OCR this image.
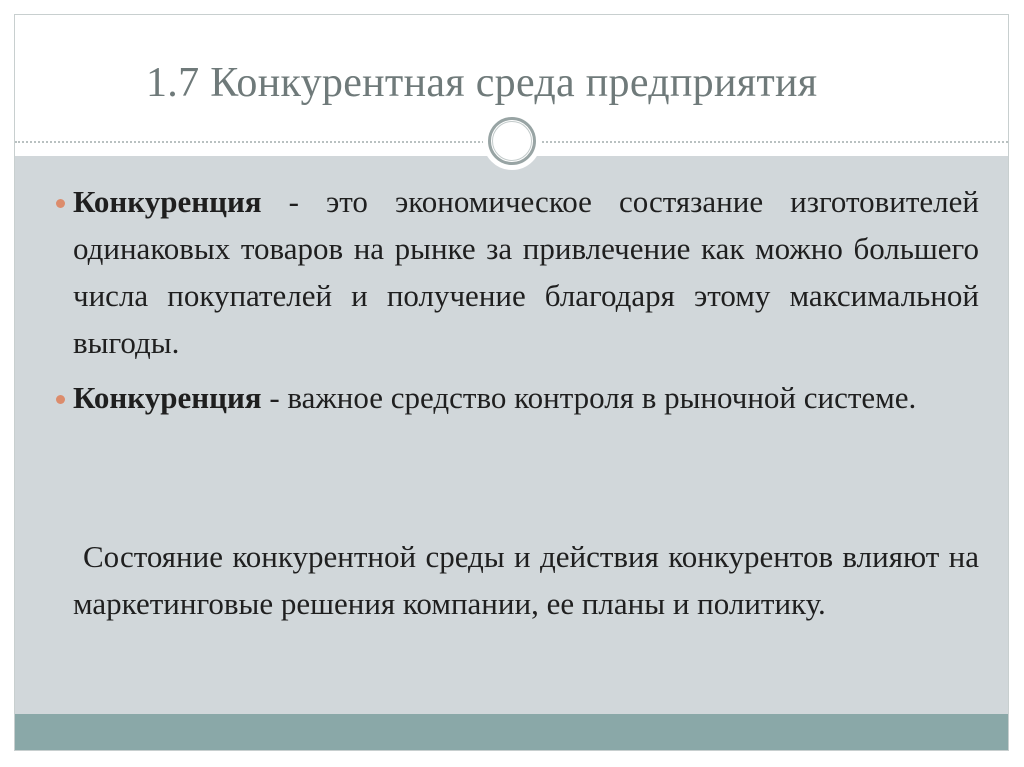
1.7 Конкурентная среда предприятия
Конкуренция - это экономическое состязание изготовителей одинаковых товаров на рынке за привлечение как можно большего числа покупателей и получение благодаря этому максимальной выгоды.
Конкуренция - важное средство контроля в рыночной системе.
Состояние конкурентной среды и действия конкурентов влияют на маркетинговые решения компании, ее планы и политику.
